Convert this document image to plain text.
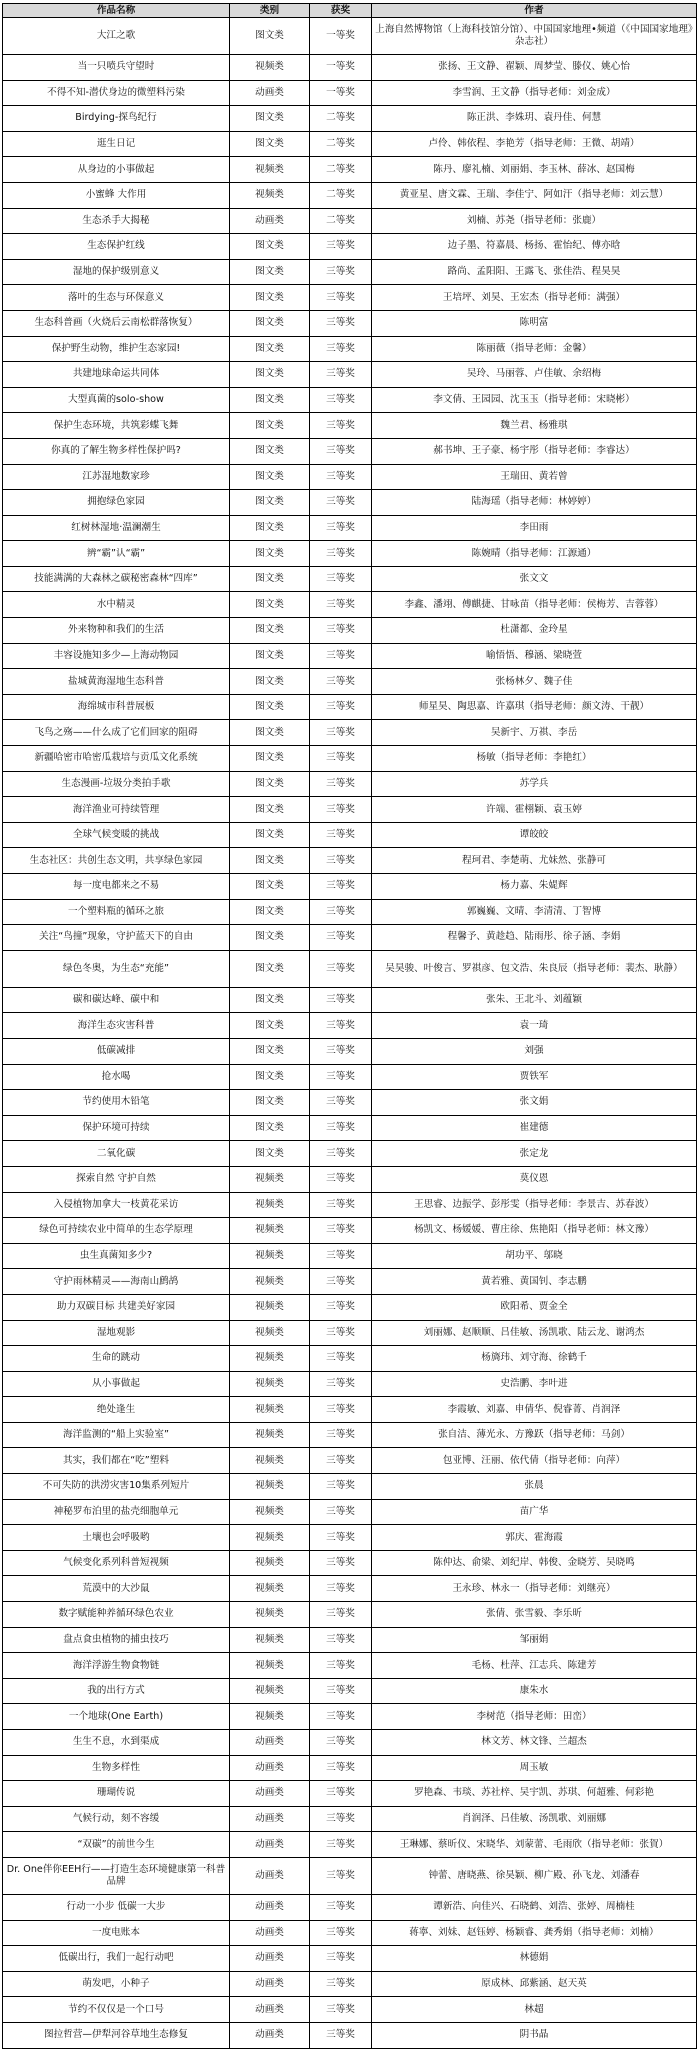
作品名称	类别	获奖	作者
大江之歌	图文类	一等奖	上海自然博物馆（上海科技馆分馆）、中国国家地理•频道（《中国国家地理》杂志社）
当一只喷兵守望时	视频类	一等奖	张扬、王文静、翟颖、周梦莹、滕仪、姚心怡
不得不知-潜伏身边的微塑料污染	动画类	一等奖	李雪润、王文静（指导老师：刘金成）
Birdying-探鸟纪行	图文类	二等奖	陈正洪、李姝玥、袁丹佳、何慧
逛生日记	图文类	二等奖	卢伶、韩依程、李艳芳（指导老师：王微、胡靖）
从身边的小事做起	视频类	二等奖	陈丹、廖礼楠、刘丽娟、李玉林、薛冰、赵国梅
小蜜蜂 大作用	视频类	二等奖	黄亚星、唐文霖、王瑞、李佳宁、阿如汗（指导老师：刘云慧）
生态杀手大揭秘	动画类	二等奖	刘楠、苏尧（指导老师：张鹿）
生态保护红线	图文类	三等奖	边子墨、符嘉晨、杨扬、霍怡纪、傅亦晗
湿地的保护级别意义	图文类	三等奖	路尚、孟阳阳、王露飞、张佳浩、程昊昊
落叶的生态与环保意义	图文类	三等奖	王培坪、刘昊、王宏杰（指导老师：满强）
生态科普画（火烧后云南松群落恢复）	图文类	三等奖	陈明富
保护野生动物，维护生态家园!	图文类	三等奖	陈丽薇（指导老师：金馨）
共建地球命运共同体	图文类	三等奖	吴玲、马丽蓉、卢佳敏、余绍梅
大型真菌的solo-show	图文类	三等奖	李文倩、王园园、沈玉玉（指导老师：宋晓彬）
保护生态环境，共筑彩蝶飞舞	图文类	三等奖	魏兰君、杨雅琪
你真的了解生物多样性保护吗?	图文类	三等奖	郝书坤、王子豪、杨宇彤（指导老师：李睿达）
江苏湿地数家珍	图文类	三等奖	王瑞田、黄若曾
拥抱绿色家园	图文类	三等奖	陆海瑶（指导老师：林婷婷）
红树林湿地·温澜潮生	图文类	三等奖	李田雨
辨“霸”认“霸”	图文类	三等奖	陈婉晴（指导老师：江源通）
技能满满的大森林之碳秘密森林“四库”	图文类	三等奖	张文文
水中精灵	图文类	三等奖	李鑫、潘翊、傅麒捷、甘咏苗（指导老师：侯梅芳、吉蓉蓉）
外来物种和我们的生活	图文类	三等奖	杜潇都、金玲星
丰容设施知多少—上海动物园	图文类	三等奖	喻悟悟、穆涵、梁晓萱
盐城黄海湿地生态科普	图文类	三等奖	张杨林夕、魏子佳
海绵城市科普展板	图文类	三等奖	师星昊、陶思嘉、许嘉琪（指导老师：颜文涛、干靓）
飞鸟之殇——什么成了它们回家的阻碍	图文类	三等奖	吴新宇、万祺、李岳
新疆哈密市哈密瓜栽培与贡瓜文化系统	图文类	三等奖	杨敏（指导老师：李艳红）
生态漫画-垃圾分类拍手歌	图文类	三等奖	苏学兵
海洋渔业可持续管理	图文类	三等奖	许端、霍栩颖、袁玉婷
全球气候变暖的挑战	图文类	三等奖	谭皎皎
生态社区：共创生态文明，共享绿色家园	图文类	三等奖	程珂君、李楚萌、尤妹然、张静可
每一度电都来之不易	图文类	三等奖	杨力嘉、朱媞辉
一个塑料瓶的循环之旅	图文类	三等奖	郭巍巍、文晴、李清清、丁智博
关注“鸟撞”现象，守护蓝天下的自由	图文类	三等奖	程馨予、黄趁趋、陆雨彤、徐子涵、李娟
绿色冬奥，为生态“充能”	图文类	三等奖	吴昊骏、叶俊言、罗祺彦、包文浩、朱良辰（指导老师：裴杰、耿静）
碳和碳达峰、碳中和	图文类	三等奖	张朱、王北斗、刘蕴颖
海洋生态灾害科普	图文类	三等奖	袁一琦
低碳减排	图文类	三等奖	刘强
抢水喝	图文类	三等奖	贾铁军
节约使用木铅笔	图文类	三等奖	张文娟
保护环境可持续	图文类	三等奖	崔建德
二氧化碳	图文类	三等奖	张定龙
探索自然 守护自然	视频类	三等奖	莫仪恩
入侵植物加拿大一枝黄花采访	视频类	三等奖	王思睿、边振学、彭彤雯（指导老师：李景吉、苏春波）
绿色可持续农业中简单的生态学原理	视频类	三等奖	杨凯文、杨媛媛、曹庄徐、焦艳阳（指导老师：林文豫）
虫生真菌知多少?	视频类	三等奖	胡功平、邬晓
守护雨林精灵——海南山鹧鸪	视频类	三等奖	黄若雅、黄国钊、李志鹏
助力双碳目标 共建美好家园	视频类	三等奖	欧阳希、贾金全
湿地观影	视频类	三等奖	刘丽娜、赵顺顺、吕佳敏、汤凯歌、陆云龙、谢鸿杰
生命的跳动	视频类	三等奖	杨旖玮、刘守海、徐鹤千
从小事做起	视频类	三等奖	史浩鹏、李叶进
绝处逢生	视频类	三等奖	李霞敏、刘嘉、申倩华、倪睿菁、肖润泽
海洋监测的“船上实验室”	视频类	三等奖	张自洁、薄光永、方豫跃（指导老师：马剑）
其实，我们都在“吃”塑料	视频类	三等奖	包亚博、汪丽、依代倩（指导老师：向萍）
不可失防的洪涝灾害10集系列短片	视频类	三等奖	张晨
神秘罗布泊里的盐壳细胞单元	视频类	三等奖	苗广华
土壤也会呼吸哟	视频类	三等奖	郭庆、霍海霞
气候变化系列科普短视频	视频类	三等奖	陈仲达、俞梁、刘纪岸、韩俊、金晓芳、吴晓鸣
荒漠中的大沙鼠	视频类	三等奖	王永珍、林永一（指导老师：刘继亮）
数字赋能种养循环绿色农业	视频类	三等奖	张倩、张雪毅、李乐昕
盘点食虫植物的捕虫技巧	视频类	三等奖	邹丽娟
海洋浮游生物食物链	视频类	三等奖	毛杨、杜萍、江志兵、陈建芳
我的出行方式	视频类	三等奖	康朱水
一个地球(One Earth)	视频类	三等奖	李树范（指导老师：田峦）
生生不息，水到渠成	动画类	三等奖	林文芳、林文锋、兰超杰
生物多样性	动画类	三等奖	周玉敏
珊瑚传说	动画类	三等奖	罗艳森、韦琰、苏社梓、吴宇凯、苏琪、何超雅、何彩艳
气候行动，刻不容缓	动画类	三等奖	肖润泽、吕佳敏、汤凯歌、刘丽娜
“双碳”的前世今生	动画类	三等奖	王琳娜、蔡昕仪、宋晓华、刘蒙蕾、毛雨欣（指导老师：张賀）
Dr. One伴你EEH行——打造生态环境健康第一科普品牌	动画类	三等奖	钟蕾、唐晓燕、徐昊颖、柳广殿、孙飞龙、刘潘春
行动一小步 低碳一大步	动画类	三等奖	谭新浩、向佳兴、石晓鹤、刘浩、张婷、周楠桂
一度电账本	动画类	三等奖	蒋寧、刘妹、赵钰婷、杨颖睿、龚秀娟（指导老师：刘楠）
低碳出行，我们一起行动吧	动画类	三等奖	林德娟
萌发吧，小种子	动画类	三等奖	原成林、邱紫涵、赵天英
节约不仅仅是一个口号	动画类	三等奖	林超
图拉哲营—伊犁河谷草地生态修复	动画类	三等奖	阴书晶
